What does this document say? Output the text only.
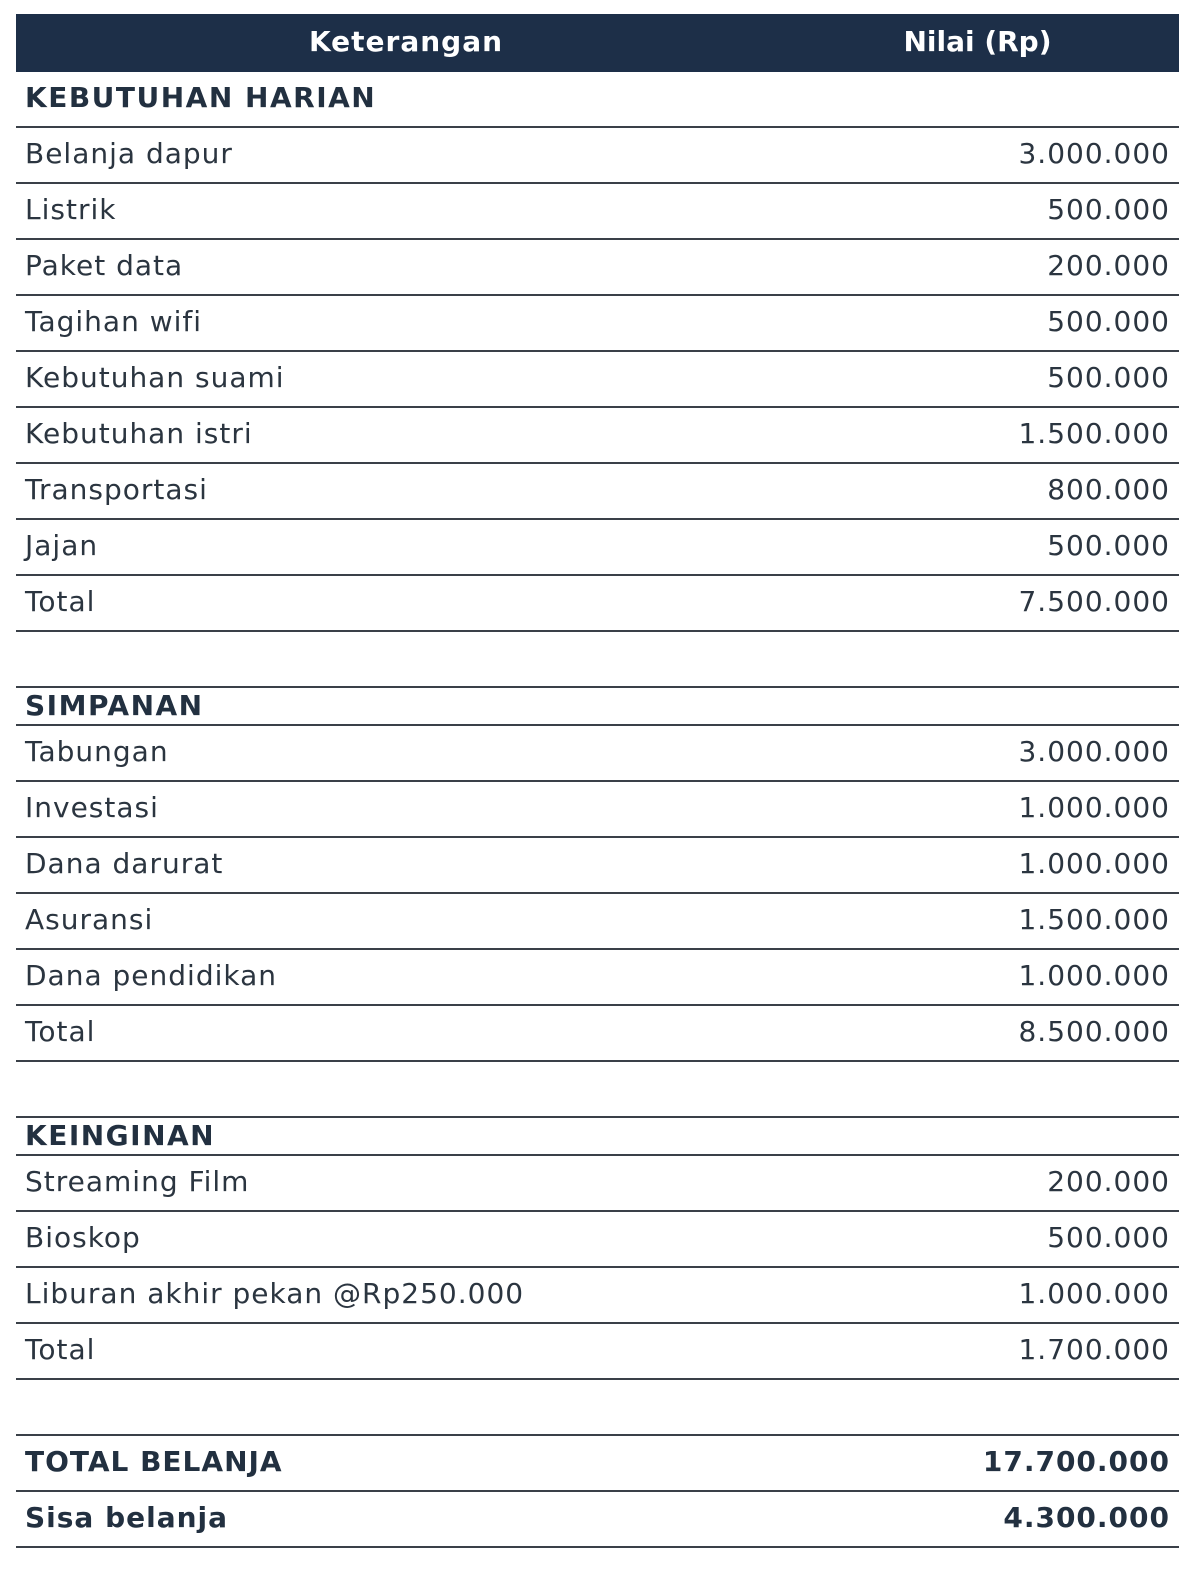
Keterangan	Nilai (Rp)
KEBUTUHAN HARIAN
Belanja dapur	3.000.000
Listrik	500.000
Paket data	200.000
Tagihan wifi	500.000
Kebutuhan suami	500.000
Kebutuhan istri	1.500.000
Transportasi	800.000
Jajan	500.000
Total	7.500.000
SIMPANAN
Tabungan	3.000.000
Investasi	1.000.000
Dana darurat	1.000.000
Asuransi	1.500.000
Dana pendidikan	1.000.000
Total	8.500.000
KEINGINAN
Streaming Film	200.000
Bioskop	500.000
Liburan akhir pekan @Rp250.000	1.000.000
Total	1.700.000
TOTAL BELANJA	17.700.000
Sisa belanja	4.300.000
